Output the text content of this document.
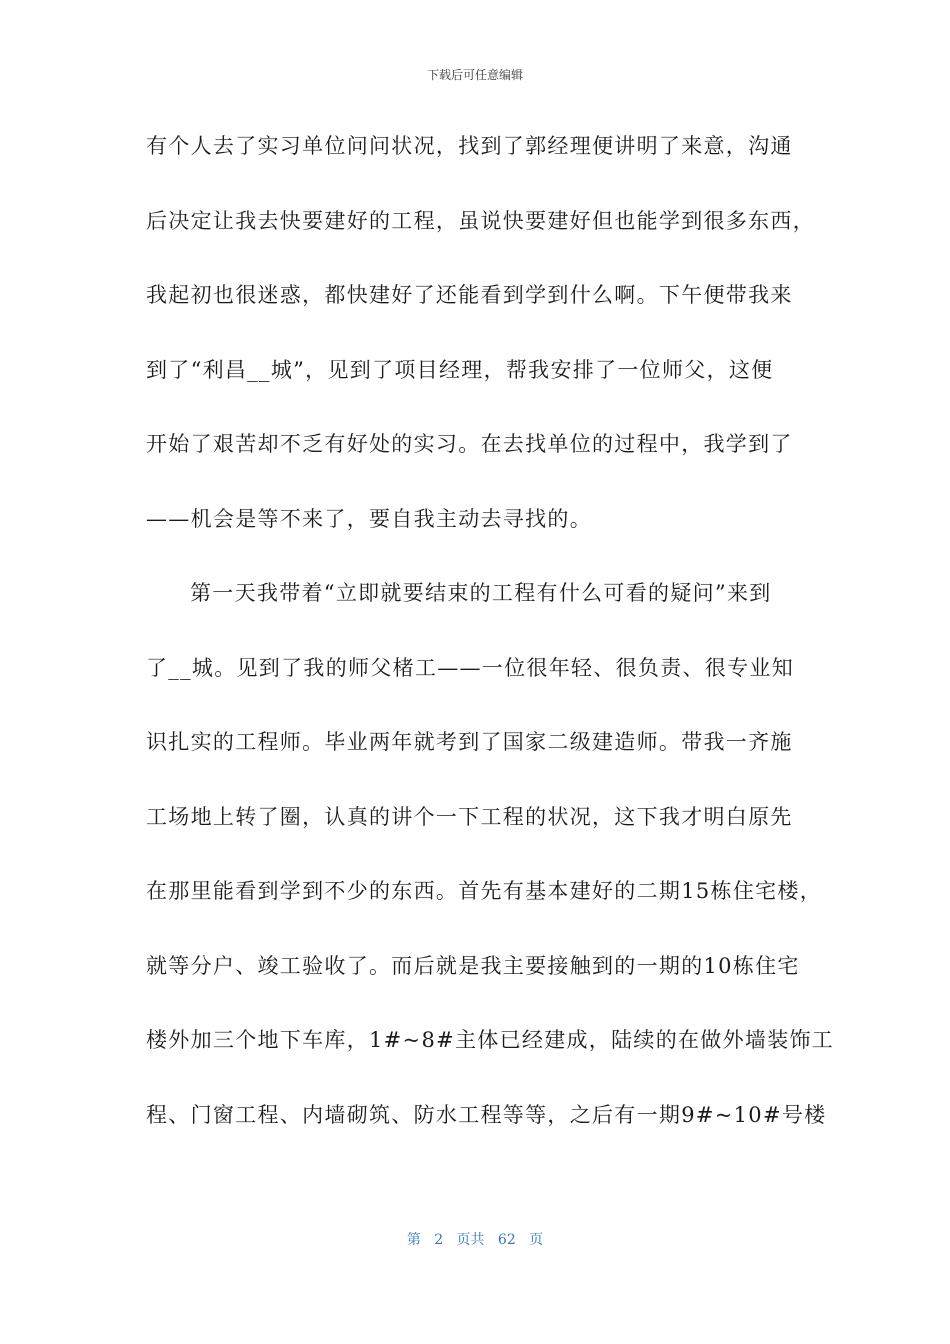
下载后可任意编辑
有个人去了实习单位问问状况，找到了郭经理便讲明了来意，沟通
后决定让我去快要建好的工程，虽说快要建好但也能学到很多东西，
我起初也很迷惑，都快建好了还能看到学到什么啊。下午便带我来
到了“利昌__城”，见到了项目经理，帮我安排了一位师父，这便
开始了艰苦却不乏有好处的实习。在去找单位的过程中，我学到了
——机会是等不来了，要自我主动去寻找的。
第一天我带着“立即就要结束的工程有什么可看的疑问”来到
了__城。见到了我的师父楮工——一位很年轻、很负责、很专业知
识扎实的工程师。毕业两年就考到了国家二级建造师。带我一齐施
工场地上转了圈，认真的讲个一下工程的状况，这下我才明白原先
在那里能看到学到不少的东西。首先有基本建好的二期15栋住宅楼，
就等分户、竣工验收了。而后就是我主要接触到的一期的10栋住宅
楼外加三个地下车库，1#~8#主体已经建成，陆续的在做外墙装饰工
程、门窗工程、内墙砌筑、防水工程等等，之后有一期9#~10#号楼
第 2 页共 62 页
